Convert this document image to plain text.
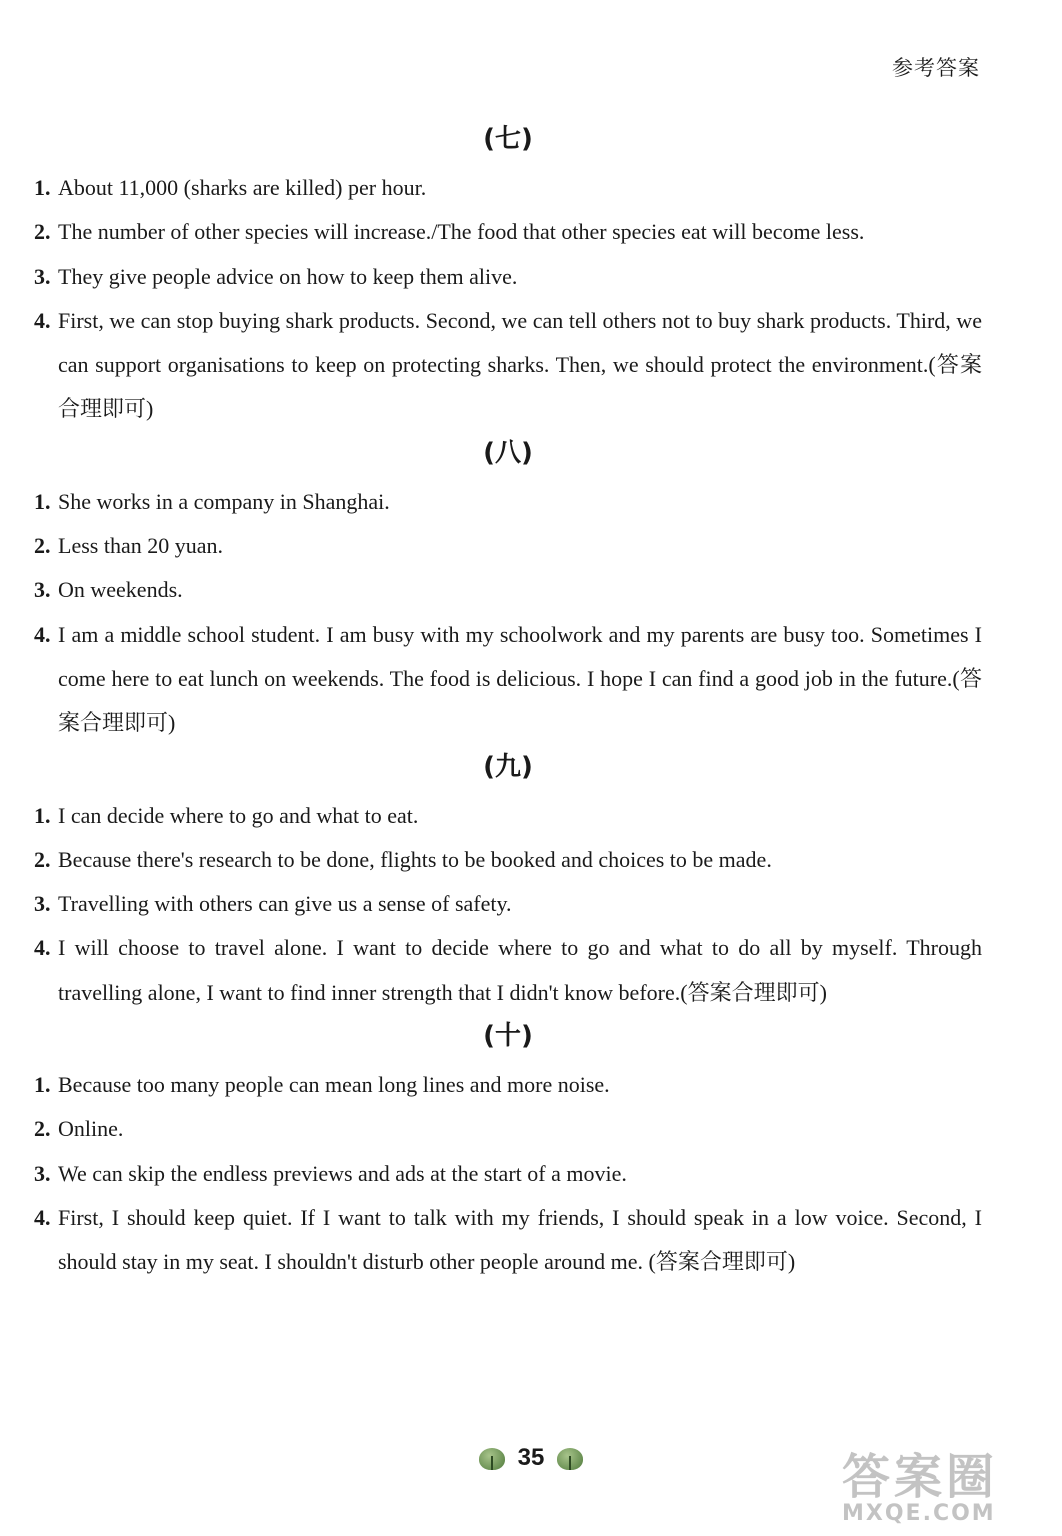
参考答案
(七)
1. About 11,000 (sharks are killed) per hour.
2. The number of other species will increase./The food that other species eat will become less.
3. They give people advice on how to keep them alive.
4. First, we can stop buying shark products. Second, we can tell others not to buy shark products. Third, we can support organisations to keep on protecting sharks. Then, we should protect the environment.(答案合理即可)
(八)
1. She works in a company in Shanghai.
2. Less than 20 yuan.
3. On weekends.
4. I am a middle school student. I am busy with my schoolwork and my parents are busy too. Sometimes I come here to eat lunch on weekends. The food is delicious. I hope I can find a good job in the future.(答案合理即可)
(九)
1. I can decide where to go and what to eat.
2. Because there's research to be done, flights to be booked and choices to be made.
3. Travelling with others can give us a sense of safety.
4. I will choose to travel alone. I want to decide where to go and what to do all by myself. Through travelling alone, I want to find inner strength that I didn't know before.(答案合理即可)
(十)
1. Because too many people can mean long lines and more noise.
2. Online.
3. We can skip the endless previews and ads at the start of a movie.
4. First, I should keep quiet. If I want to talk with my friends, I should speak in a low voice. Second, I should stay in my seat. I shouldn't disturb other people around me. (答案合理即可)
35	答案圈
MXQE.COM
